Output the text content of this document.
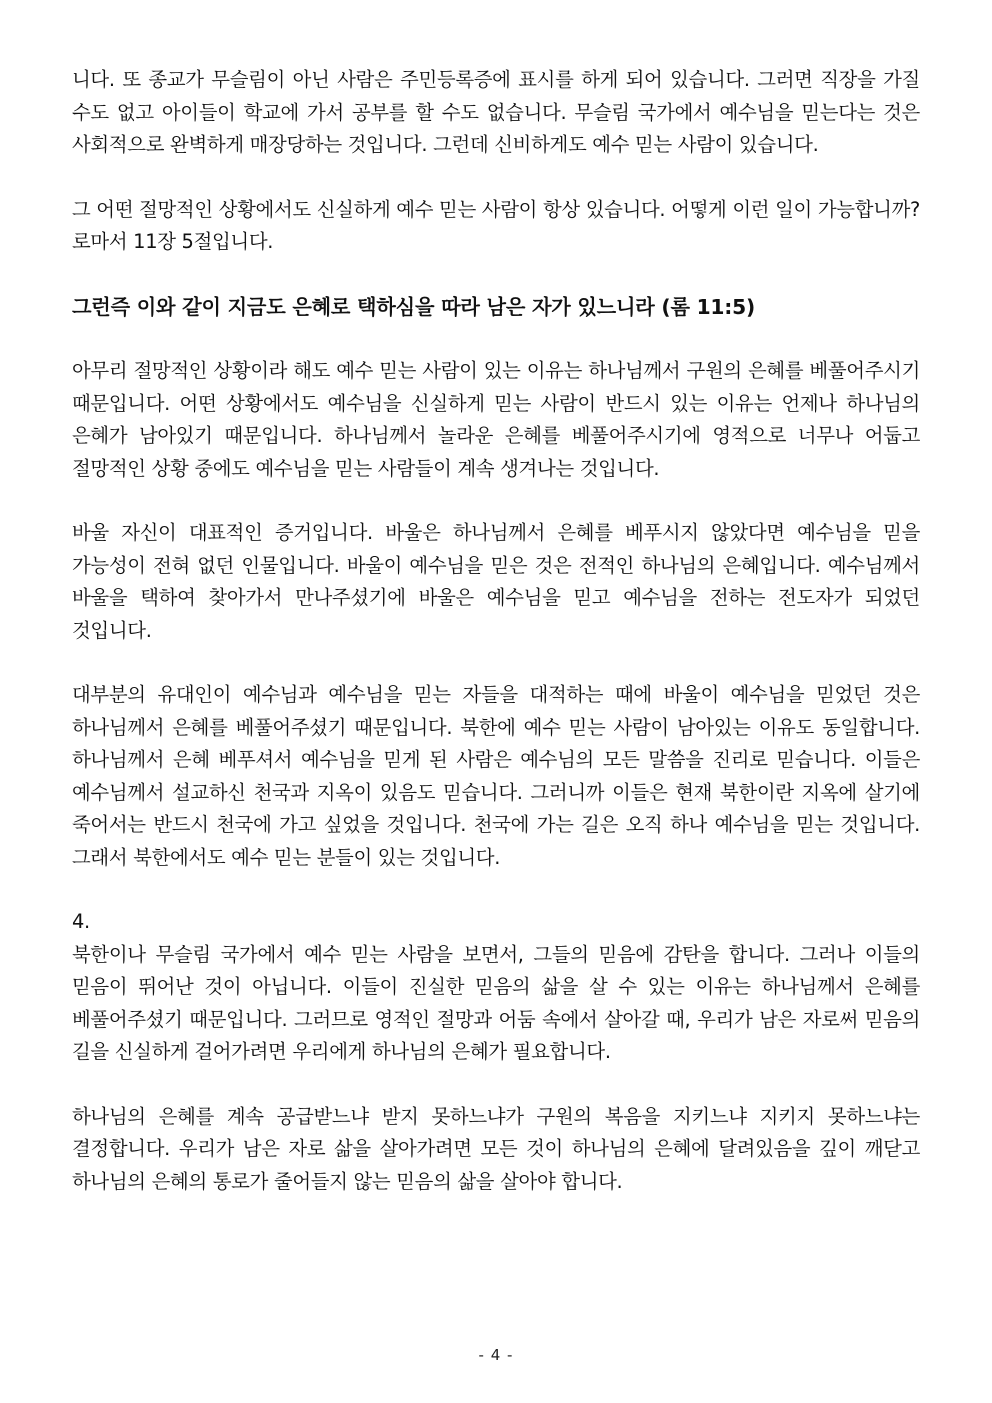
니다. 또 종교가 무슬림이 아닌 사람은 주민등록증에 표시를 하게 되어 있습니다. 그러면 직장을 가질 수도 없고 아이들이 학교에 가서 공부를 할 수도 없습니다. 무슬림 국가에서 예수님을 믿는다는 것은 사회적으로 완벽하게 매장당하는 것입니다. 그런데 신비하게도 예수 믿는 사람이 있습니다.

그 어떤 절망적인 상황에서도 신실하게 예수 믿는 사람이 항상 있습니다. 어떻게 이런 일이 가능합니까? 로마서 11장 5절입니다.

그런즉 이와 같이 지금도 은혜로 택하심을 따라 남은 자가 있느니라 (롬 11:5)

아무리 절망적인 상황이라 해도 예수 믿는 사람이 있는 이유는 하나님께서 구원의 은혜를 베풀어주시기 때문입니다. 어떤 상황에서도 예수님을 신실하게 믿는 사람이 반드시 있는 이유는 언제나 하나님의 은혜가 남아있기 때문입니다. 하나님께서 놀라운 은혜를 베풀어주시기에 영적으로 너무나 어둡고 절망적인 상황 중에도 예수님을 믿는 사람들이 계속 생겨나는 것입니다.

바울 자신이 대표적인 증거입니다. 바울은 하나님께서 은혜를 베푸시지 않았다면 예수님을 믿을 가능성이 전혀 없던 인물입니다. 바울이 예수님을 믿은 것은 전적인 하나님의 은혜입니다. 예수님께서 바울을 택하여 찾아가서 만나주셨기에 바울은 예수님을 믿고 예수님을 전하는 전도자가 되었던 것입니다.

대부분의 유대인이 예수님과 예수님을 믿는 자들을 대적하는 때에 바울이 예수님을 믿었던 것은 하나님께서 은혜를 베풀어주셨기 때문입니다. 북한에 예수 믿는 사람이 남아있는 이유도 동일합니다. 하나님께서 은혜 베푸셔서 예수님을 믿게 된 사람은 예수님의 모든 말씀을 진리로 믿습니다. 이들은 예수님께서 설교하신 천국과 지옥이 있음도 믿습니다. 그러니까 이들은 현재 북한이란 지옥에 살기에 죽어서는 반드시 천국에 가고 싶었을 것입니다. 천국에 가는 길은 오직 하나 예수님을 믿는 것입니다. 그래서 북한에서도 예수 믿는 분들이 있는 것입니다.

4.

북한이나 무슬림 국가에서 예수 믿는 사람을 보면서, 그들의 믿음에 감탄을 합니다. 그러나 이들의 믿음이 뛰어난 것이 아닙니다. 이들이 진실한 믿음의 삶을 살 수 있는 이유는 하나님께서 은혜를 베풀어주셨기 때문입니다. 그러므로 영적인 절망과 어둠 속에서 살아갈 때, 우리가 남은 자로써 믿음의 길을 신실하게 걸어가려면 우리에게 하나님의 은혜가 필요합니다.

하나님의 은혜를 계속 공급받느냐 받지 못하느냐가 구원의 복음을 지키느냐 지키지 못하느냐는 결정합니다. 우리가 남은 자로 삶을 살아가려면 모든 것이 하나님의 은혜에 달려있음을 깊이 깨닫고 하나님의 은혜의 통로가 줄어들지 않는 믿음의 삶을 살아야 합니다.

- 4 -
